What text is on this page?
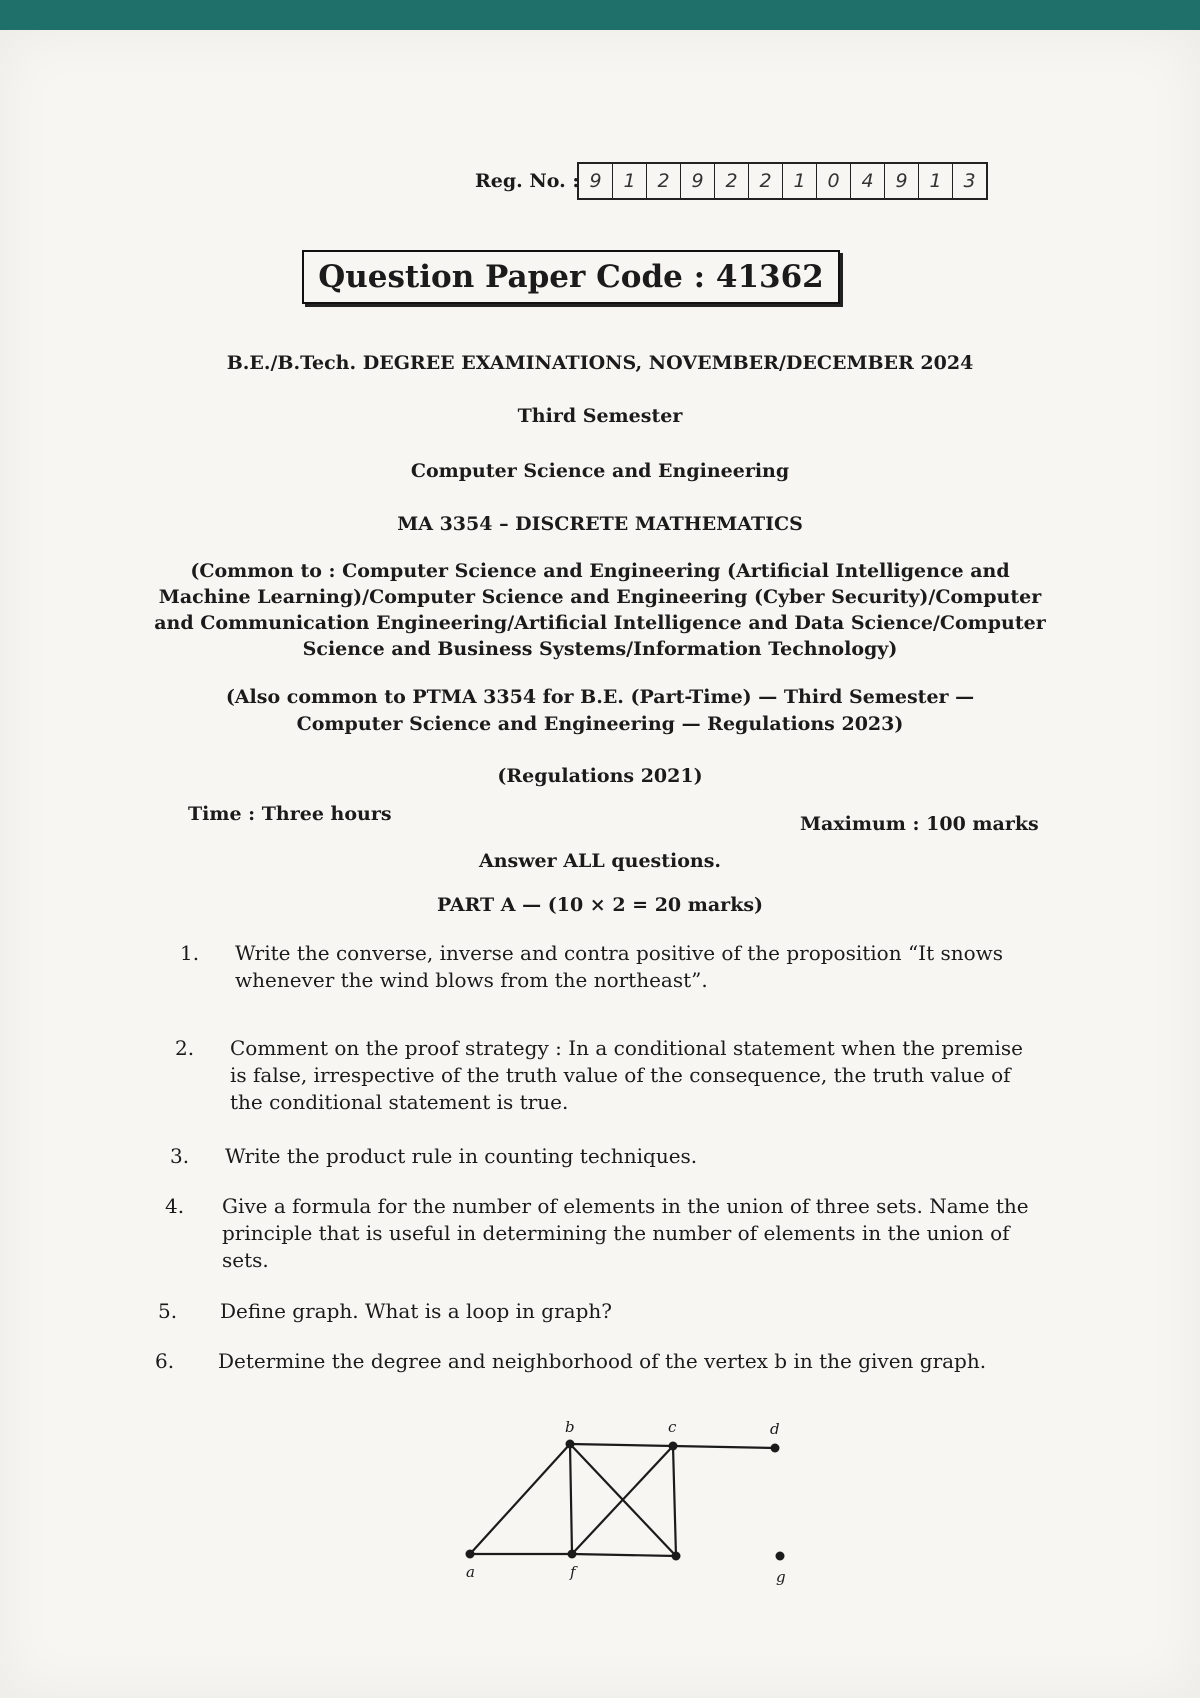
Reg. No. : 9	1	2	9	2	2	1	0	4	9	1	3
Question Paper Code : 41362
B.E./B.Tech. DEGREE EXAMINATIONS, NOVEMBER/DECEMBER 2024
Third Semester
Computer Science and Engineering
MA 3354 – DISCRETE MATHEMATICS
(Common to : Computer Science and Engineering (Artificial Intelligence and
Machine Learning)/Computer Science and Engineering (Cyber Security)/Computer
and Communication Engineering/Artificial Intelligence and Data Science/Computer
Science and Business Systems/Information Technology)
(Also common to PTMA 3354 for B.E. (Part-Time) — Third Semester —
Computer Science and Engineering — Regulations 2023)
(Regulations 2021)
Time : Three hours	Maximum : 100 marks
Answer ALL questions.
PART A — (10 × 2 = 20 marks)
1.	Write the converse, inverse and contra positive of the proposition “It snows
whenever the wind blows from the northeast”.
2.	Comment on the proof strategy : In a conditional statement when the premise
is false, irrespective of the truth value of the consequence, the truth value of
the conditional statement is true.
3.	Write the product rule in counting techniques.
4.	Give a formula for the number of elements in the union of three sets. Name the
principle that is useful in determining the number of elements in the union of
sets.
5.	Define graph. What is a loop in graph?
6.	Determine the degree and neighborhood of the vertex b in the given graph.
a
b	c	d
f	g
